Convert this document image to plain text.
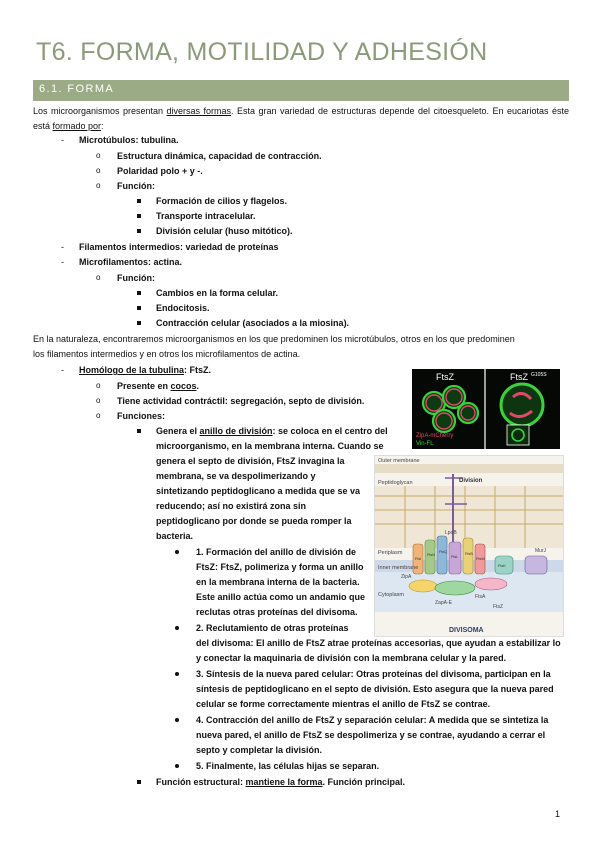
T6. FORMA, MOTILIDAD Y ADHESIÓN
6.1. FORMA
Los microorganismos presentan diversas formas. Esta gran variedad de estructuras depende del citoesqueleto. En eucariotas éste está formado por:
- Microtúbulos: tubulina.
o Estructura dinámica, capacidad de contracción.
o Polaridad polo + y -.
o Función:
Formación de cilios y flagelos.
Transporte intracelular.
División celular (huso mitótico).
- Filamentos intermedios: variedad de proteínas
- Microfilamentos: actina.
o Función:
Cambios en la forma celular.
Endocitosis.
Contracción celular (asociados a la miosina).
En la naturaleza, encontraremos microorganismos en los que predominen los microtúbulos, otros en los que predominen
los filamentos intermedios y en otros los microfilamentos de actina.
- Homólogo de la tubulina: FtsZ.
o Presente en cocos.
o Tiene actividad contráctil: segregación, septo de división.
o Funciones:
Genera el anillo de división: se coloca en el centro del
microorganismo, en la membrana interna. Cuando se
genera el septo de división, FtsZ invagina la
membrana, se va despolimerizando y
sintetizando peptidoglicano a medida que se va
reducendo; así no existirá zona sin
peptidoglicano por donde se pueda romper la
bacteria.
1. Formación del anillo de división de
FtsZ: FtsZ, polimeriza y forma un anillo
en la membrana interna de la bacteria.
Este anillo actúa como un andamio que
reclutas otras proteínas del divisoma.
2. Reclutamiento de otras proteínas
del divisoma: El anillo de FtsZ atrae proteínas accesorias, que ayudan a estabilizar lo
y conectar la maquinaria de división con la membrana celular y la pared.
3. Síntesis de la nueva pared celular: Otras proteínas del divisoma, participan en la
síntesis de peptidoglicano en el septo de división. Esto asegura que la nueva pared
celular se forme correctamente mientras el anillo de FtsZ se contrae.
4. Contracción del anillo de FtsZ y separación celular: A medida que se sintetiza la
nueva pared, el anillo de FtsZ se despolimeriza y se contrae, ayudando a cerrar el
septo y completar la división.
5. Finalmente, las células hijas se separan.
Función estructural: mantiene la forma. Función principal.
FtsZ	FtsZ G105S
ZipA-mCherry
Vin-FL
Outer membrane
Division
Peptidoglycan
Periplasm
Inner membrane
Cytoplasm
LpoB
ZipA
ZapA-E
FtsA
FtsZ
MurJ
FtsI
FtsN
FtsQ
FtsL
FtsB
FtsW
FtsK
DIVISOMA
1
